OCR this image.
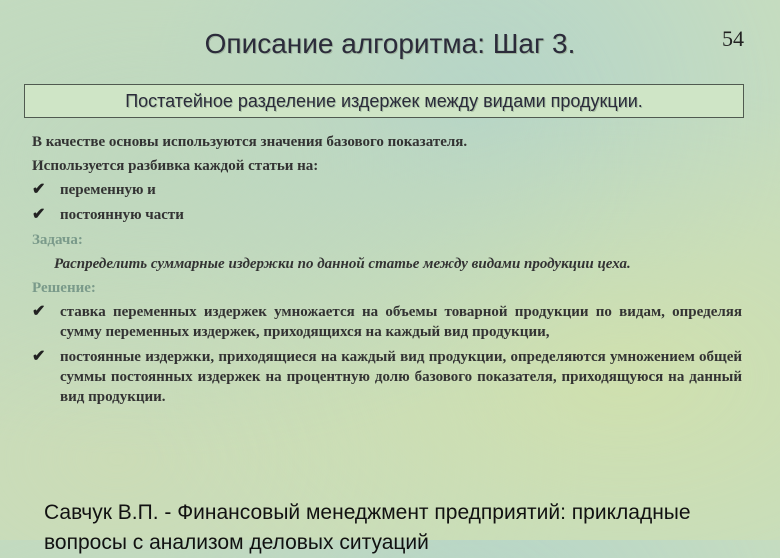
54
Описание алгоритма: Шаг 3.
Постатейное разделение издержек между видами продукции.
В качестве основы используются значения базового показателя.
Используется разбивка каждой статьи на:
✔ переменную и
✔ постоянную части
Задача:
Распределить суммарные издержки по данной статье между видами продукции цеха.
Решение:
✔ ставка переменных издержек умножается на объемы товарной продукции по видам, определяя сумму переменных издержек, приходящихся на каждый вид продукции,
✔ постоянные издержки, приходящиеся на каждый вид продукции, определяются умножением общей суммы постоянных издержек на процентную долю базового показателя, приходящуюся на данный вид продукции.
Савчук В.П. - Финансовый менеджмент предприятий: прикладные вопросы с анализом деловых ситуаций
